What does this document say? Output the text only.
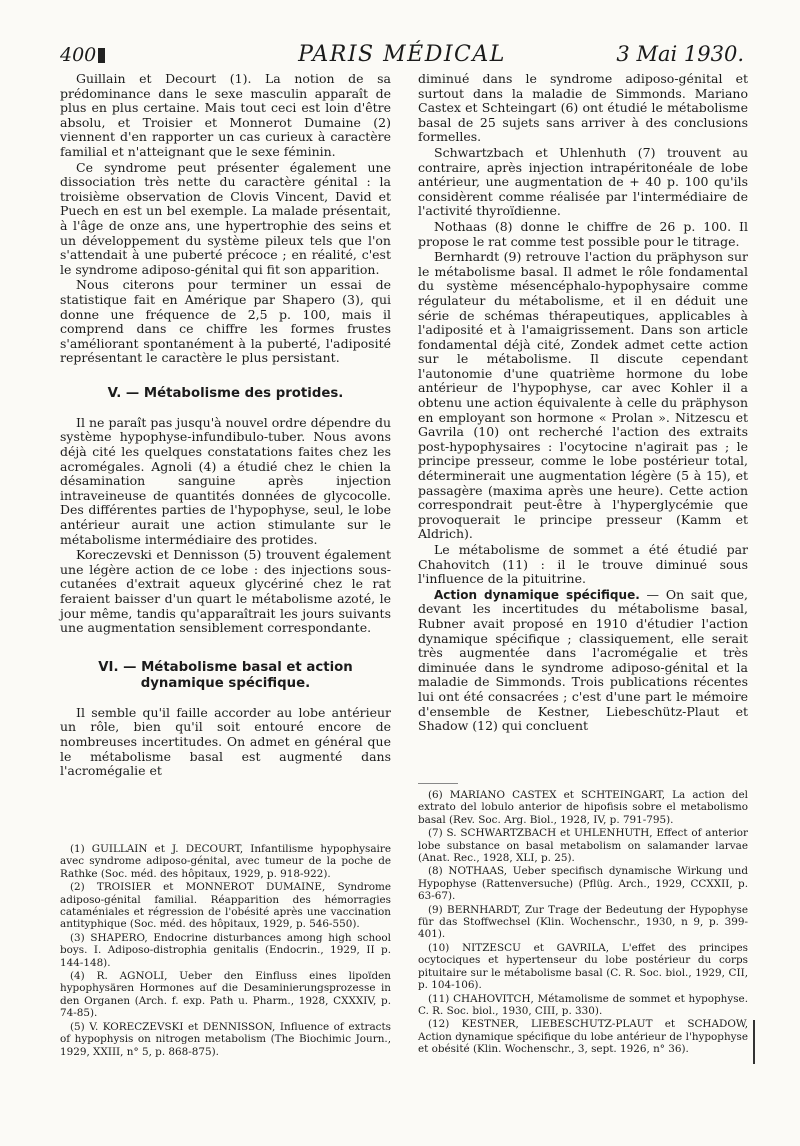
400	PARIS MÉDICAL	3 Mai 1930.

Guillain et Decourt (1). La notion de sa prédominance dans le sexe masculin apparaît de plus en plus certaine. Mais tout ceci est loin d'être absolu, et Troisier et Monnerot Dumaine (2) viennent d'en rapporter un cas curieux à caractère familial et n'atteignant que le sexe féminin.

Ce syndrome peut présenter également une dissociation très nette du caractère génital : la troisième observation de Clovis Vincent, David et Puech en est un bel exemple. La malade présentait, à l'âge de onze ans, une hypertrophie des seins et un développement du système pileux tels que l'on s'attendait à une puberté précoce ; en réalité, c'est le syndrome adiposo-génital qui fit son apparition.

Nous citerons pour terminer un essai de statistique fait en Amérique par Shapero (3), qui donne une fréquence de 2,5 p. 100, mais il comprend dans ce chiffre les formes frustes s'améliorant spontanément à la puberté, l'adiposité représentant le caractère le plus persistant.

V. — Métabolisme des protides.

Il ne paraît pas jusqu'à nouvel ordre dépendre du système hypophyse-infundibulo-tuber. Nous avons déjà cité les quelques constatations faites chez les acromégales. Agnoli (4) a étudié chez le chien la désamination sanguine après injection intraveineuse de quantités données de glycocolle. Des différentes parties de l'hypophyse, seul, le lobe antérieur aurait une action stimulante sur le métabolisme intermédiaire des protides.

Koreczevski et Dennisson (5) trouvent également une légère action de ce lobe : des injections sous-cutanées d'extrait aqueux glycériné chez le rat feraient baisser d'un quart le métabolisme azoté, le jour même, tandis qu'apparaîtrait les jours suivants une augmentation sensiblement correspondante.

VI. — Métabolisme basal et action dynamique spécifique.

Il semble qu'il faille accorder au lobe antérieur un rôle, bien qu'il soit entouré encore de nombreuses incertitudes. On admet en général que le métabolisme basal est augmenté dans l'acromégalie et

diminué dans le syndrome adiposo-génital et surtout dans la maladie de Simmonds. Mariano Castex et Schteingart (6) ont étudié le métabolisme basal de 25 sujets sans arriver à des conclusions formelles.

Schwartzbach et Uhlenhuth (7) trouvent au contraire, après injection intrapéritonéale de lobe antérieur, une augmentation de + 40 p. 100 qu'ils considèrent comme réalisée par l'intermédiaire de l'activité thyroïdienne.

Nothaas (8) donne le chiffre de 26 p. 100. Il propose le rat comme test possible pour le titrage.

Bernhardt (9) retrouve l'action du präphyson sur le métabolisme basal. Il admet le rôle fondamental du système mésencéphalo-hypophysaire comme régulateur du métabolisme, et il en déduit une série de schémas thérapeutiques, applicables à l'adiposité et à l'amaigrissement. Dans son article fondamental déjà cité, Zondek admet cette action sur le métabolisme. Il discute cependant l'autonomie d'une quatrième hormone du lobe antérieur de l'hypophyse, car avec Kohler il a obtenu une action équivalente à celle du präphyson en employant son hormone « Prolan ». Nitzescu et Gavrila (10) ont recherché l'action des extraits post-hypophysaires : l'ocytocine n'agirait pas ; le principe presseur, comme le lobe postérieur total, déterminerait une augmentation légère (5 à 15), et passagère (maxima après une heure). Cette action correspondrait peut-être à l'hyperglycémie que provoquerait le principe presseur (Kamm et Aldrich).

Le métabolisme de sommet a été étudié par Chahovitch (11) : il le trouve diminué sous l'influence de la pituitrine.

Action dynamique spécifique. — On sait que, devant les incertitudes du métabolisme basal, Rubner avait proposé en 1910 d'étudier l'action dynamique spécifique ; classiquement, elle serait très augmentée dans l'acromégalie et très diminuée dans le syndrome adiposo-génital et la maladie de Simmonds. Trois publications récentes lui ont été consacrées ; c'est d'une part le mémoire d'ensemble de Kestner, Liebeschütz-Plaut et Shadow (12) qui concluent

(1) GUILLAIN et J. DECOURT, Infantilisme hypophysaire avec syndrome adiposo-génital, avec tumeur de la poche de Rathke (Soc. méd. des hôpitaux, 1929, p. 918-922).

(2) TROISIER et MONNEROT DUMAINE, Syndrome adiposo-génital familial. Réapparition des hémorragies cataméniales et régression de l'obésité après une vaccination antityphique (Soc. méd. des hôpitaux, 1929, p. 546-550).

(3) SHAPERO, Endocrine disturbances among high school boys. I. Adiposo-distrophia genitalis (Endocrin., 1929, II p. 144-148).

(4) R. AGNOLI, Ueber den Einfluss eines lipoïden hypophysären Hormones auf die Desaminierungsprozesse in den Organen (Arch. f. exp. Path u. Pharm., 1928, CXXXIV, p. 74-85).

(5) V. KORECZEVSKI et DENNISSON, Influence of extracts of hypophysis on nitrogen metabolism (The Biochimic Journ., 1929, XXIII, n° 5, p. 868-875).

(6) MARIANO CASTEX et SCHTEINGART, La action del extrato del lobulo anterior de hipofisis sobre el metabolismo basal (Rev. Soc. Arg. Biol., 1928, IV, p. 791-795).

(7) S. SCHWARTZBACH et UHLENHUTH, Effect of anterior lobe substance on basal metabolism on salamander larvae (Anat. Rec., 1928, XLI, p. 25).

(8) NOTHAAS, Ueber specifisch dynamische Wirkung und Hypophyse (Rattenversuche) (Pflüg. Arch., 1929, CCXXII, p. 63-67).

(9) BERNHARDT, Zur Trage der Bedeutung der Hypophyse für das Stoffwechsel (Klin. Wochenschr., 1930, n 9, p. 399-401).

(10) NITZESCU et GAVRILA, L'effet des principes ocytociques et hypertenseur du lobe postérieur du corps pituitaire sur le métabolisme basal (C. R. Soc. biol., 1929, CII, p. 104-106).

(11) CHAHOVITCH, Métamolisme de sommet et hypophyse. C. R. Soc. biol., 1930, CIII, p. 330).

(12) KESTNER, LIEBESCHUTZ-PLAUT et SCHADOW, Action dynamique spécifique du lobe antérieur de l'hypophyse et obésité (Klin. Wochenschr., 3, sept. 1926, n° 36).
